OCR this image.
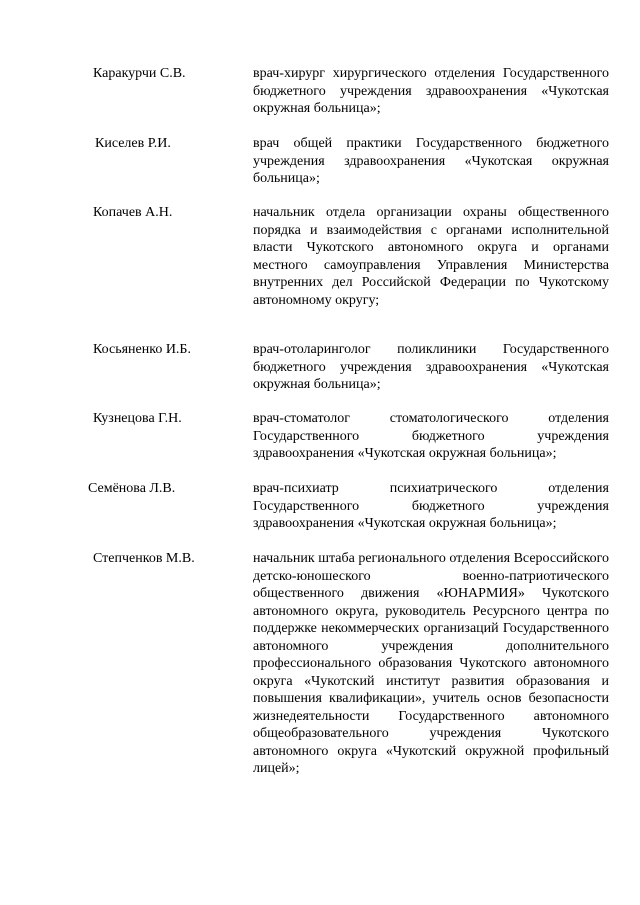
Каракурчи С.В.	врач-хирург хирургического отделения Государственного бюджетного учреждения здравоохранения «Чукотская окружная больница»;

Киселев Р.И.	врач общей практики Государственного бюджетного учреждения здравоохранения «Чукотская окружная больница»;

Копачев А.Н.	начальник отдела организации охраны общественного порядка и взаимодействия с органами исполнительной власти Чукотского автономного округа и органами местного самоуправления Управления Министерства внутренних дел Российской Федерации по Чукотскому автономному округу;

Косьяненко И.Б.	врач-отоларинголог поликлиники Государственного бюджетного учреждения здравоохранения «Чукотская окружная больница»;

Кузнецова Г.Н.	врач-стоматолог стоматологического отделения Государственного бюджетного учреждения здравоохранения «Чукотская окружная больница»;

Семёнова Л.В.	врач-психиатр психиатрического отделения Государственного бюджетного учреждения здравоохранения «Чукотская окружная больница»;

Степченков М.В.	начальник штаба регионального отделения Всероссийского детско-юношеского военно-патриотического общественного движения «ЮНАРМИЯ» Чукотского автономного округа, руководитель Ресурсного центра по поддержке некоммерческих организаций Государственного автономного учреждения дополнительного профессионального образования Чукотского автономного округа «Чукотский институт развития образования и повышения квалификации», учитель основ безопасности жизнедеятельности Государственного автономного общеобразовательного учреждения Чукотского автономного округа «Чукотский окружной профильный лицей»;
